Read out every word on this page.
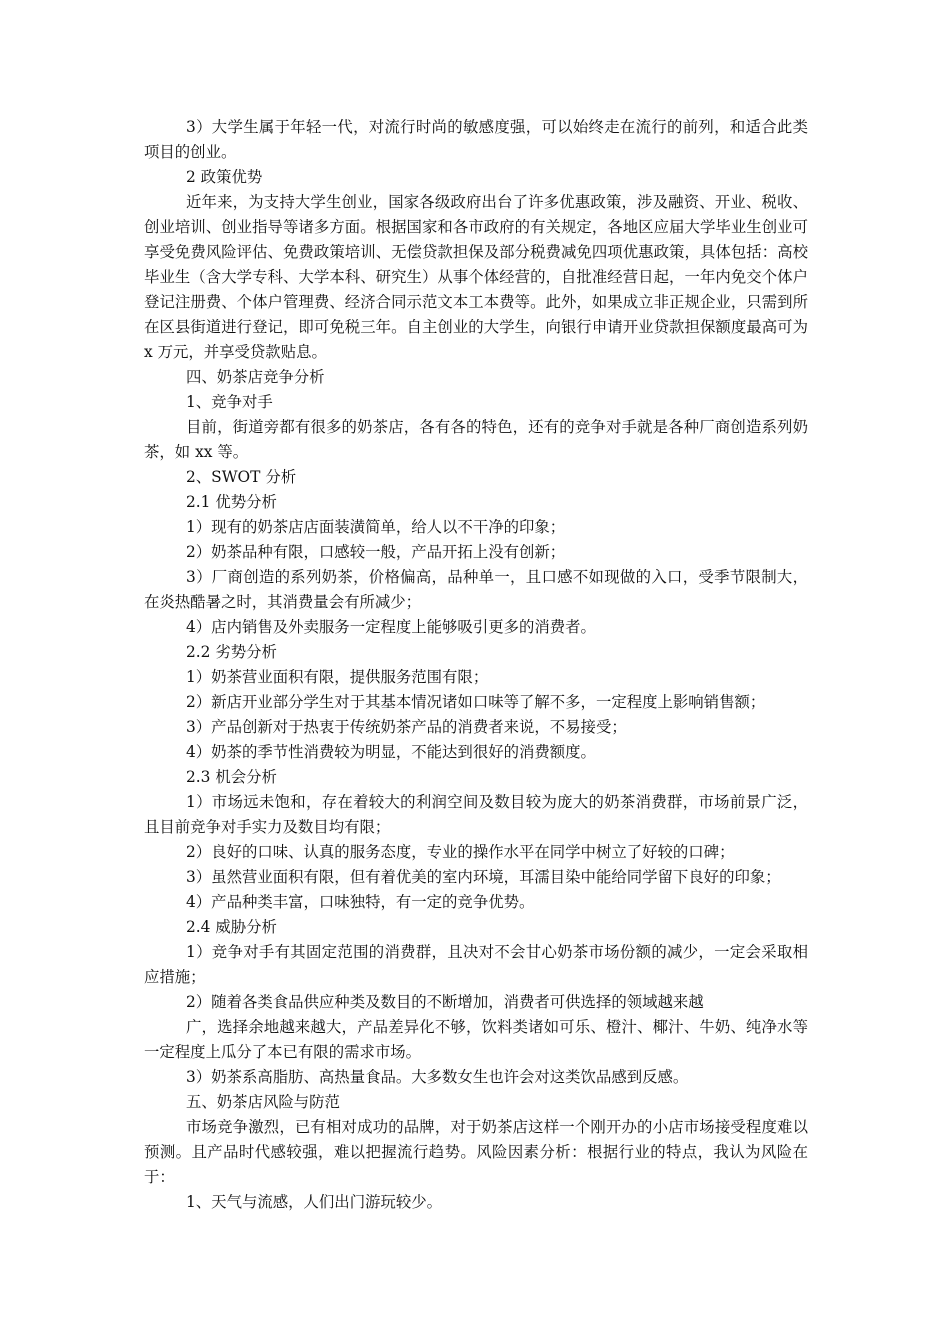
3）大学生属于年轻一代，对流行时尚的敏感度强，可以始终走在流行的前列，和适合此类项目的创业。

2 政策优势

近年来，为支持大学生创业，国家各级政府出台了许多优惠政策，涉及融资、开业、税收、创业培训、创业指导等诸多方面。根据国家和各市政府的有关规定，各地区应届大学毕业生创业可享受免费风险评估、免费政策培训、无偿贷款担保及部分税费减免四项优惠政策，具体包括：高校毕业生（含大学专科、大学本科、研究生）从事个体经营的，自批准经营日起，一年内免交个体户登记注册费、个体户管理费、经济合同示范文本工本费等。此外，如果成立非正规企业，只需到所在区县街道进行登记，即可免税三年。自主创业的大学生，向银行申请开业贷款担保额度最高可为 x 万元，并享受贷款贴息。

四、奶茶店竞争分析

1、竞争对手

目前，街道旁都有很多的奶茶店，各有各的特色，还有的竞争对手就是各种厂商创造系列奶茶，如 xx 等。

2、SWOT 分析

2.1 优势分析

1）现有的奶茶店店面装潢简单，给人以不干净的印象；

2）奶茶品种有限，口感较一般，产品开拓上没有创新；

3）厂商创造的系列奶茶，价格偏高，品种单一，且口感不如现做的入口，受季节限制大，在炎热酷暑之时，其消费量会有所减少；

4）店内销售及外卖服务一定程度上能够吸引更多的消费者。

2.2 劣势分析

1）奶茶营业面积有限，提供服务范围有限；

2）新店开业部分学生对于其基本情况诸如口味等了解不多，一定程度上影响销售额；

3）产品创新对于热衷于传统奶茶产品的消费者来说，不易接受；

4）奶茶的季节性消费较为明显，不能达到很好的消费额度。

2.3 机会分析

1）市场远未饱和，存在着较大的利润空间及数目较为庞大的奶茶消费群，市场前景广泛，且目前竞争对手实力及数目均有限；

2）良好的口味、认真的服务态度，专业的操作水平在同学中树立了好较的口碑；

3）虽然营业面积有限，但有着优美的室内环境，耳濡目染中能给同学留下良好的印象；

4）产品种类丰富，口味独特，有一定的竞争优势。

2.4 威胁分析

1）竞争对手有其固定范围的消费群，且决对不会甘心奶茶市场份额的减少，一定会采取相应措施；

2）随着各类食品供应种类及数目的不断增加，消费者可供选择的领域越来越

广，选择余地越来越大，产品差异化不够，饮料类诸如可乐、橙汁、椰汁、牛奶、纯净水等一定程度上瓜分了本已有限的需求市场。

3）奶茶系高脂肪、高热量食品。大多数女生也许会对这类饮品感到反感。

五、奶茶店风险与防范

市场竞争激烈，已有相对成功的品牌，对于奶茶店这样一个刚开办的小店市场接受程度难以预测。且产品时代感较强，难以把握流行趋势。风险因素分析：根据行业的特点，我认为风险在于：

1、天气与流感，人们出门游玩较少。
